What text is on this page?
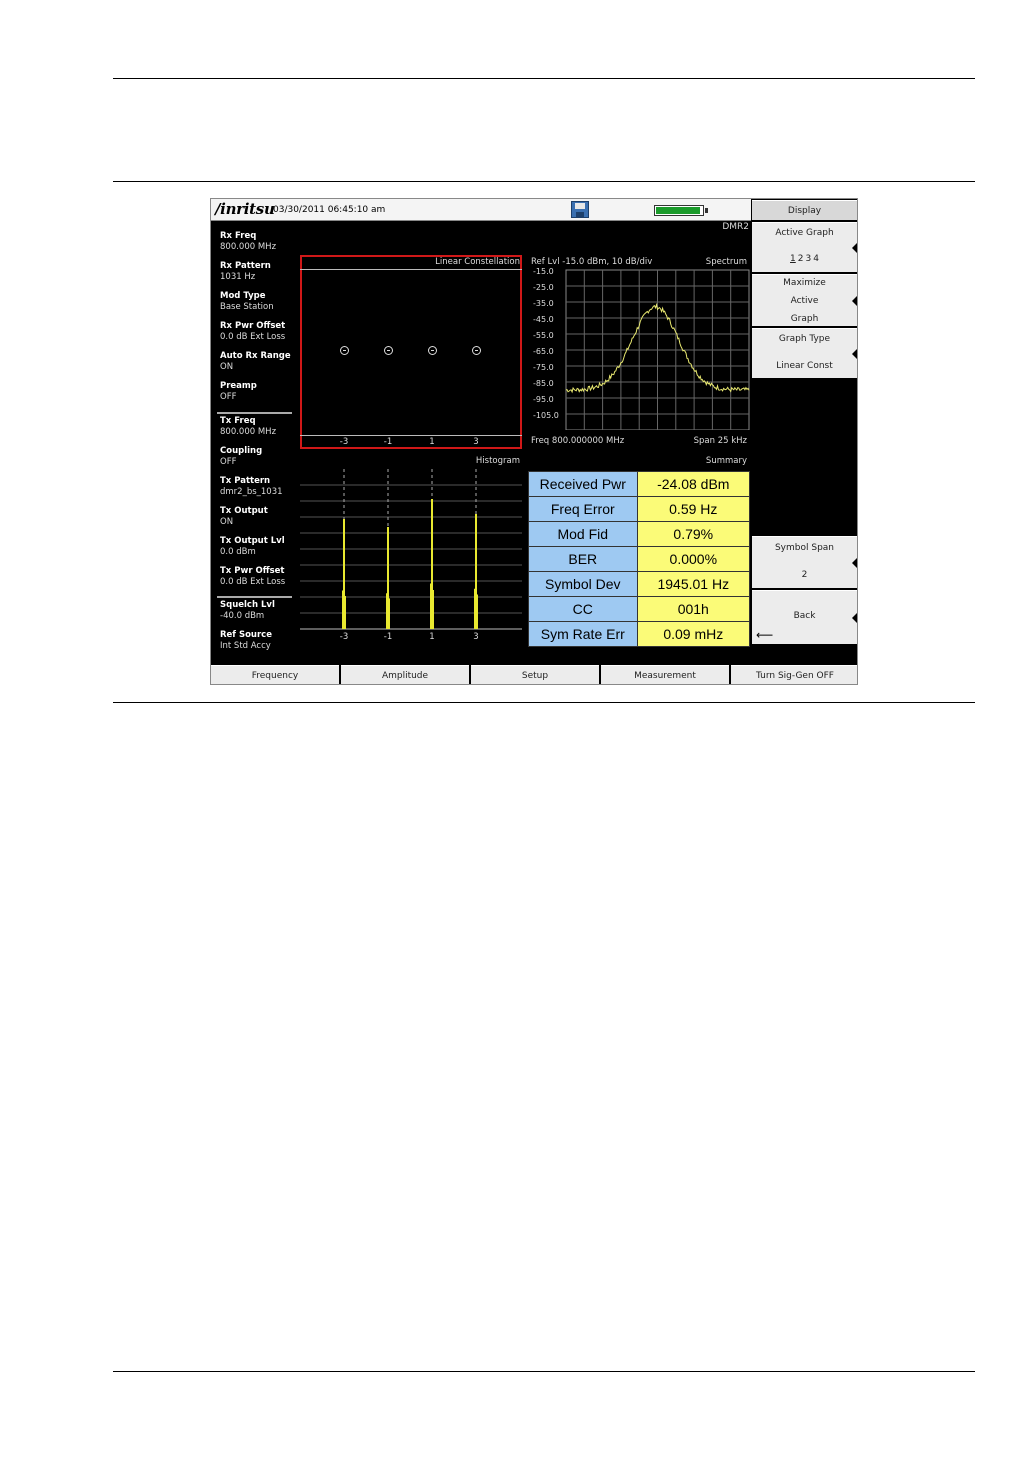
/inritsu
03/30/2011 06:45:10 am
DMR2
Rx Freq
800.000 MHz
Rx Pattern
1031 Hz
Mod Type
Base Station
Rx Pwr Offset
0.0 dB Ext Loss
Auto Rx Range
ON
Preamp
OFF
Tx Freq
800.000 MHz
Coupling
OFF
Tx Pattern
dmr2_bs_1031
Tx Output
ON
Tx Output Lvl
0.0 dBm
Tx Pwr Offset
0.0 dB Ext Loss
Squelch Lvl
-40.0 dBm
Ref Source
Int Std Accy
Linear Constellation
-3	-1	1	3
Ref Lvl -15.0 dBm, 10 dB/div	Spectrum
-15.0
-25.0
-35.0
-45.0
-55.0
-65.0
-75.0
-85.0
-95.0
-105.0
Freq 800.000000 MHz	Span 25 kHz
Histogram
-3	-1	1	3
Summary
Received Pwr	-24.08 dBm
Freq Error	0.59 Hz
Mod Fid	0.79%
BER	0.000%
Symbol Dev	1945.01 Hz
CC	001h
Sym Rate Err	0.09 mHz
Display
Active Graph
1 2 3 4
Maximize
Active
Graph
Graph Type
Linear Const
Symbol Span
2
Back
⟵
Frequency	Amplitude	Setup	Measurement	Turn Sig-Gen OFF
